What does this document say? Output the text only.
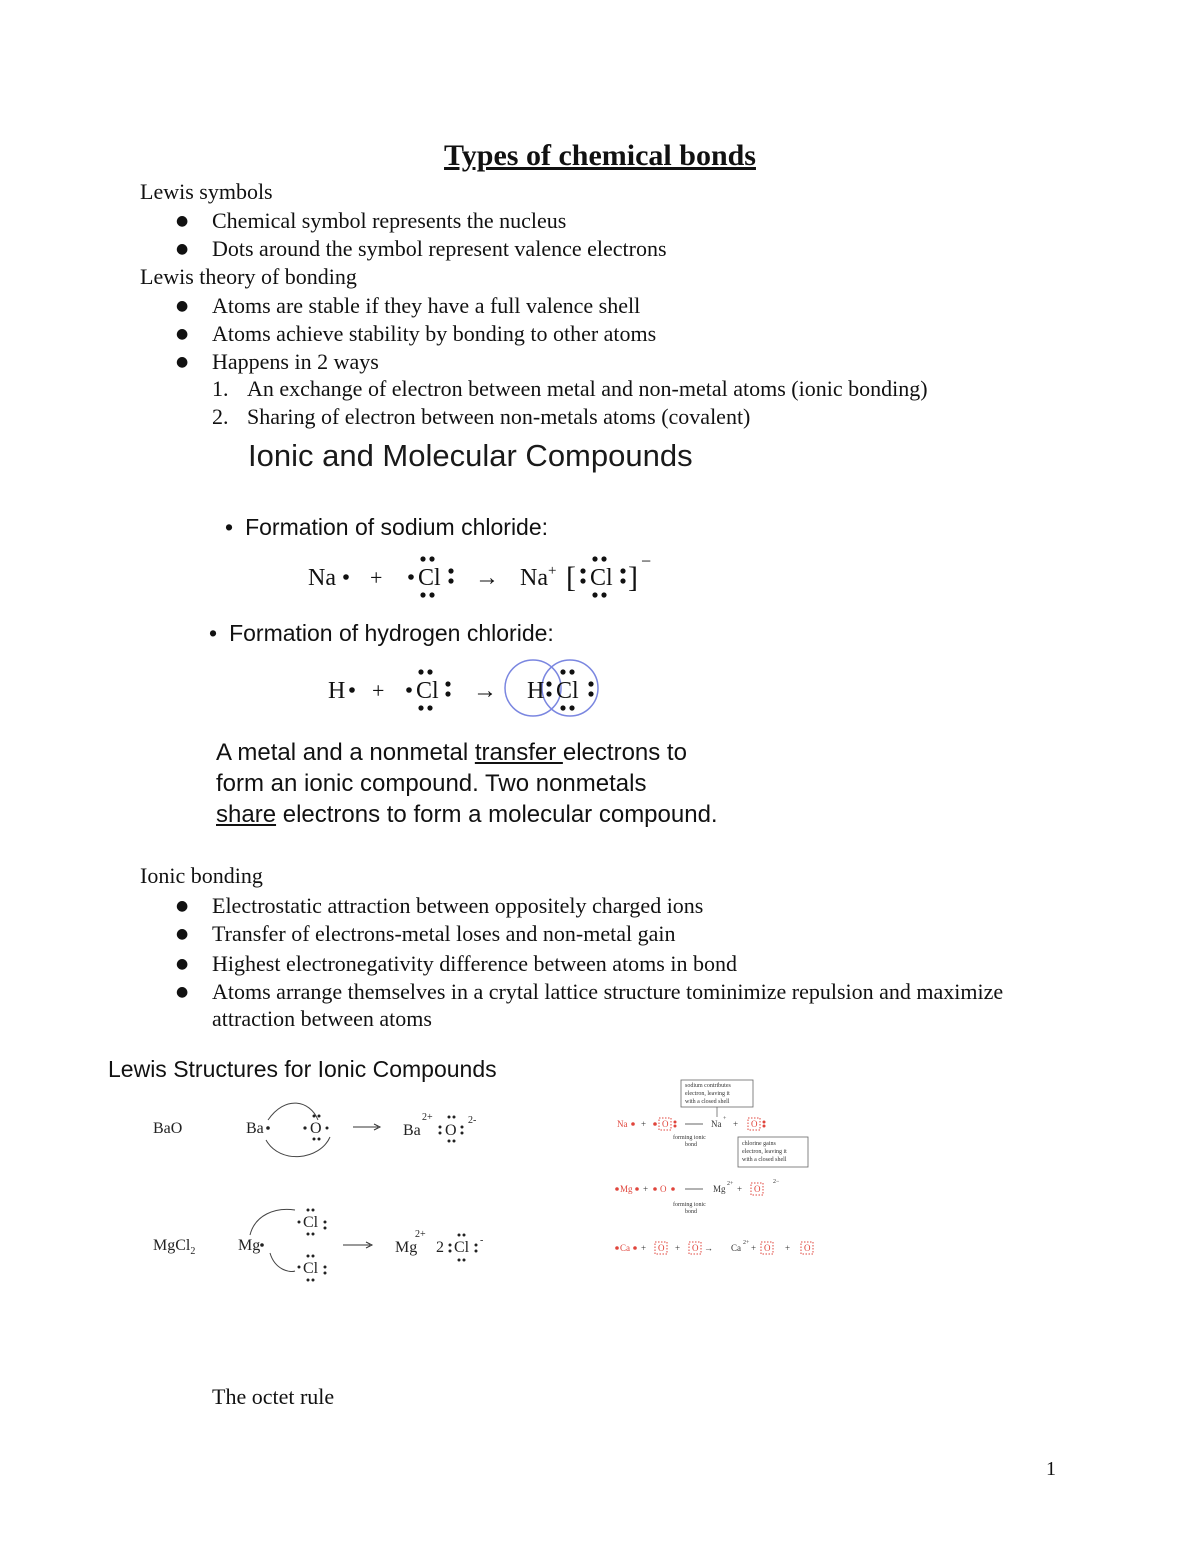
Types of chemical bonds
Lewis symbols
● Chemical symbol represents the nucleus
● Dots around the symbol represent valence electrons
Lewis theory of bonding
● Atoms are stable if they have a full valence shell
● Atoms achieve stability by bonding to other atoms
● Happens in 2 ways
1. An exchange of electron between metal and non-metal atoms (ionic bonding)
2. Sharing of electron between non-metals atoms (covalent)
Ionic and Molecular Compounds
• Formation of sodium chloride:
• Formation of hydrogen chloride:
Na + Cl → Na + [ Cl ] −
H + Cl → H Cl
A metal and a nonmetal transfer electrons to
form an ionic compound. Two nonmetals
share electrons to form a molecular compound.
Ionic bonding
● Electrostatic attraction between oppositely charged ions
● Transfer of electrons-metal loses and non-metal gain
● Highest electronegativity difference between atoms in bond
● Atoms arrange themselves in a crytal lattice structure tominimize repulsion and maximize
attraction between atoms
Lewis Structures for Ionic Compounds
BaO	Ba	O	Ba
2+
O
2-
MgCl$_2$	Mg
Cl
Cl
Mg
2+
2 Cl -
sodium contributes
electron, leaving it
with a closed shell
chlorine gains
electron, leaving it
with a closed shell
forming ionic
bond
forming ionic
bond
Na + O	Na + + O
Mg + O	Mg 2+ + O
2−
Ca + O + O → Ca 2+ + O + O
The octet rule
1
